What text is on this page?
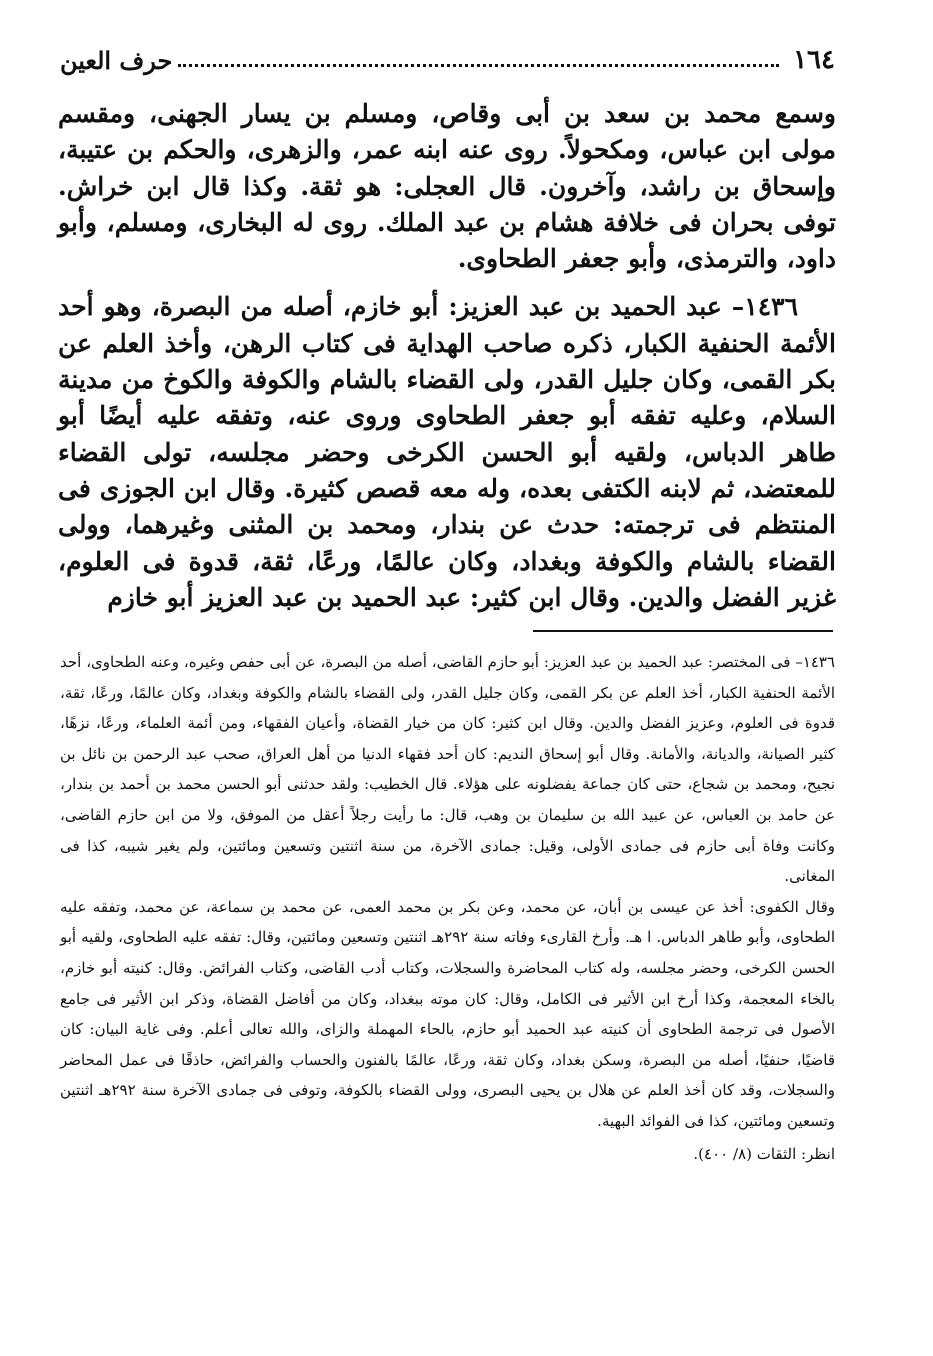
١٦٤
حرف العين

وسمع محمد بن سعد بن أبى وقاص، ومسلم بن يسار الجهنى، ومقسم مولى ابن عباس، ومكحولاً. روى عنه ابنه عمر، والزهرى، والحكم بن عتيبة، وإسحاق بن راشد، وآخرون. قال العجلى: هو ثقة. وكذا قال ابن خراش. توفى بحران فى خلافة هشام بن عبد الملك. روى له البخارى، ومسلم، وأبو داود، والترمذى، وأبو جعفر الطحاوى.

١٤٣٦– عبد الحميد بن عبد العزيز: أبو خازم، أصله من البصرة، وهو أحد الأئمة الحنفية الكبار، ذكره صاحب الهداية فى كتاب الرهن، وأخذ العلم عن بكر القمى، وكان جليل القدر، ولى القضاء بالشام والكوفة والكوخ من مدينة السلام، وعليه تفقه أبو جعفر الطحاوى وروى عنه، وتفقه عليه أيضًا أبو طاهر الدباس، ولقيه أبو الحسن الكرخى وحضر مجلسه، تولى القضاء للمعتضد، ثم لابنه الكتفى بعده، وله معه قصص كثيرة. وقال ابن الجوزى فى المنتظم فى ترجمته: حدث عن بندار، ومحمد بن المثنى وغيرهما، وولى القضاء بالشام والكوفة وبغداد، وكان عالمًا، ورعًا، ثقة، قدوة فى العلوم، غزير الفضل والدين. وقال ابن كثير: عبد الحميد بن عبد العزيز أبو خازم

١٤٣٦– فى المختصر: عبد الحميد بن عبد العزيز: أبو حازم القاضى، أصله من البصرة، عن أبى حفص وغيره، وعنه الطحاوى، أحد الأئمة الحنفية الكبار، أخذ العلم عن بكر القمى، وكان جليل القدر، ولى القضاء بالشام والكوفة وبغداد، وكان عالمًا، ورعًا، ثقة، قدوة فى العلوم، وعزيز الفضل والدين. وقال ابن كثير: كان من خيار القضاة، وأعيان الفقهاء، ومن أئمة العلماء، ورعًا، نزهًا، كثير الصيانة، والديانة، والأمانة. وقال أبو إسحاق النديم: كان أحد فقهاء الدنيا من أهل العراق، صحب عبد الرحمن بن نائل بن نجيح، ومحمد بن شجاع، حتى كان جماعة يفضلونه على هؤلاء. قال الخطيب: ولقد حدثنى أبو الحسن محمد بن أحمد بن بندار، عن حامد بن العباس، عن عبيد الله بن سليمان بن وهب، قال: ما رأيت رجلاً أعقل من الموفق، ولا من ابن حازم القاضى، وكانت وفاة أبى حازم فى جمادى الأولى، وقيل: جمادى الآخرة، من سنة اثنتين وتسعين ومائتين، ولم يغير شيبه، كذا فى المغانى.

وقال الكفوى: أخذ عن عيسى بن أبان، عن محمد، وعن بكر بن محمد العمى، عن محمد بن سماعة، عن محمد، وتفقه عليه الطحاوى، وأبو طاهر الدباس. ا هـ. وأرخ القارىء وفاته سنة ٢٩٢هـ اثنتين وتسعين ومائتين، وقال: تفقه عليه الطحاوى، ولقيه أبو الحسن الكرخى، وحضر مجلسه، وله كتاب المحاضرة والسجلات، وكتاب أدب القاضى، وكتاب الفرائض. وقال: كنيته أبو خازم، بالخاء المعجمة، وكذا أرخ ابن الأثير فى الكامل، وقال: كان موته ببغداد، وكان من أفاضل القضاة، وذكر ابن الأثير فى جامع الأصول فى ترجمة الطحاوى أن كنيته عبد الحميد أبو حازم، بالحاء المهملة والزاى، والله تعالى أعلم. وفى غاية البيان: كان قاضيًا، حنفيًا، أصله من البصرة، وسكن بغداد، وكان ثقة، ورعًا، عالمًا بالفنون والحساب والفرائض، حاذقًا فى عمل المحاضر والسجلات، وقد كان أخذ العلم عن هلال بن يحيى البصرى، وولى القضاء بالكوفة، وتوفى فى جمادى الآخرة سنة ٢٩٢هـ اثنتين وتسعين ومائتين، كذا فى الفوائد البهية.

انظر: الثقات (٨/ ٤٠٠).
